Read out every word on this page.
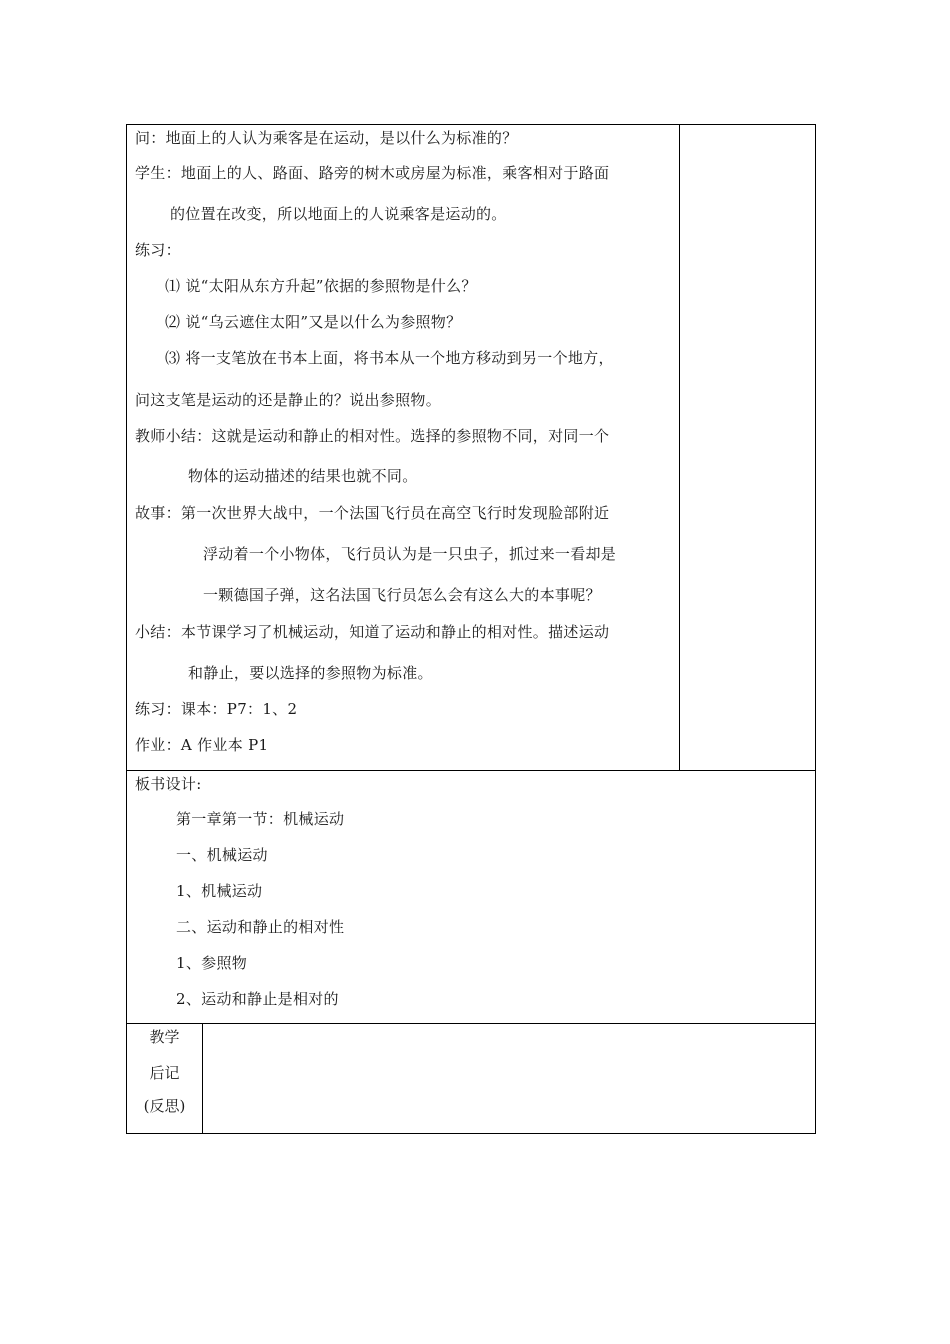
问：地面上的人认为乘客是在运动，是以什么为标准的？
学生：地面上的人、路面、路旁的树木或房屋为标准，乘客相对于路面
的位置在改变，所以地面上的人说乘客是运动的。
练习：
⑴ 说“太阳从东方升起”依据的参照物是什么？
⑵ 说“乌云遮住太阳”又是以什么为参照物？
⑶ 将一支笔放在书本上面，将书本从一个地方移动到另一个地方，
问这支笔是运动的还是静止的？说出参照物。
教师小结：这就是运动和静止的相对性。选择的参照物不同，对同一个
物体的运动描述的结果也就不同。
故事：第一次世界大战中，一个法国飞行员在高空飞行时发现脸部附近
浮动着一个小物体，飞行员认为是一只虫子，抓过来一看却是
一颗德国子弹，这名法国飞行员怎么会有这么大的本事呢？
小结：本节课学习了机械运动，知道了运动和静止的相对性。描述运动
和静止，要以选择的参照物为标准。
练习：课本：P7：1、2
作业：A 作业本 P1
板书设计:
第一章第一节：机械运动
一、机械运动
1、机械运动
二、运动和静止的相对性
1、参照物
2、运动和静止是相对的
教学
后记
(反思)
